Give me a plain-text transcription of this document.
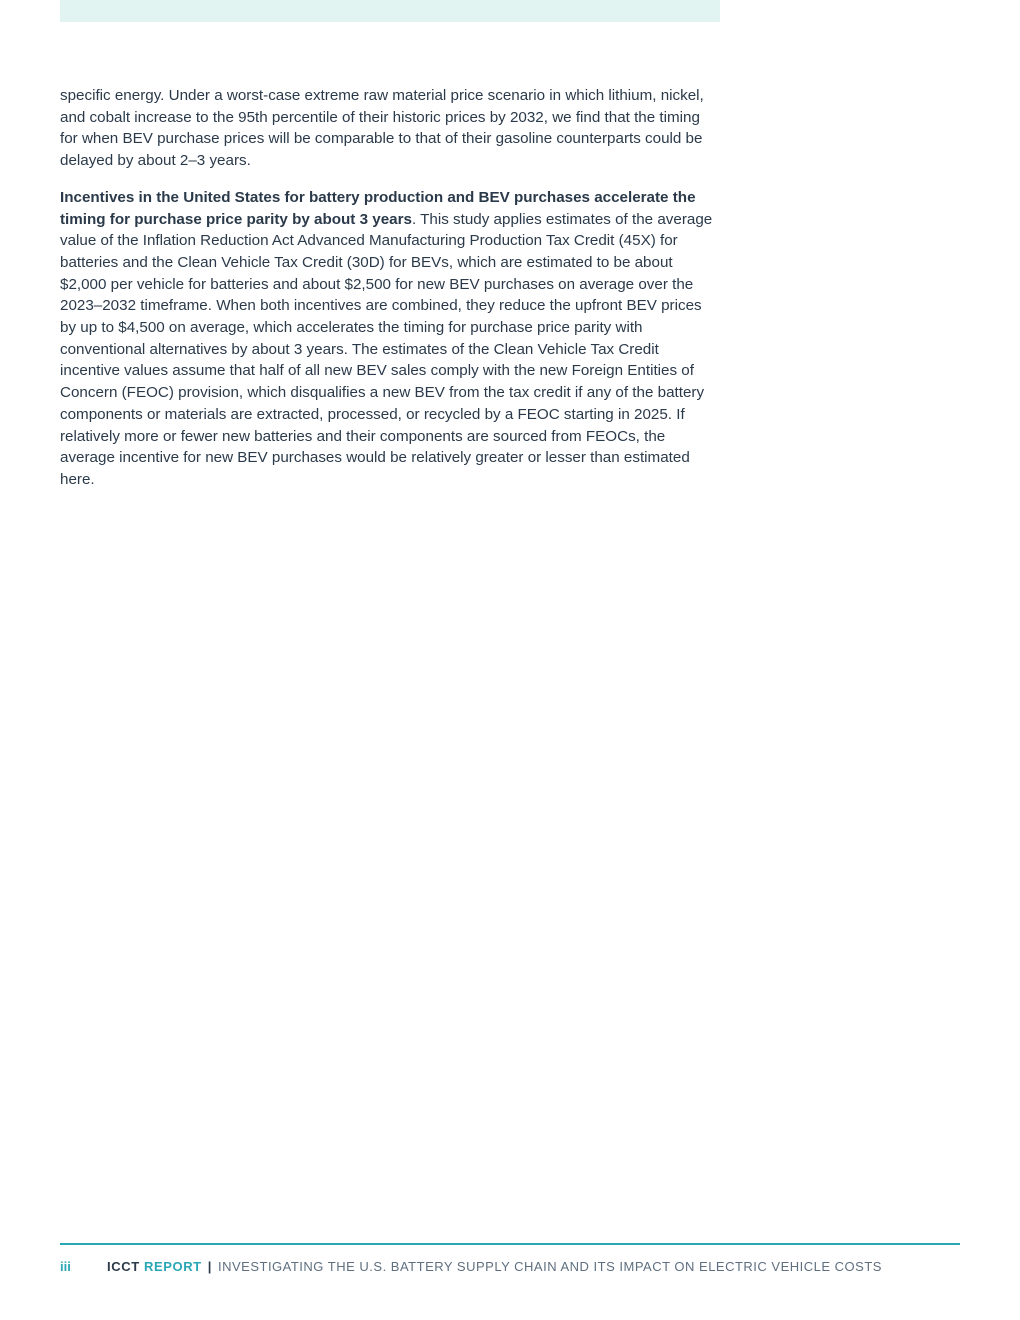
specific energy. Under a worst-case extreme raw material price scenario in which lithium, nickel, and cobalt increase to the 95th percentile of their historic prices by 2032, we find that the timing for when BEV purchase prices will be comparable to that of their gasoline counterparts could be delayed by about 2–3 years.

Incentives in the United States for battery production and BEV purchases accelerate the timing for purchase price parity by about 3 years. This study applies estimates of the average value of the Inflation Reduction Act Advanced Manufacturing Production Tax Credit (45X) for batteries and the Clean Vehicle Tax Credit (30D) for BEVs, which are estimated to be about $2,000 per vehicle for batteries and about $2,500 for new BEV purchases on average over the 2023–2032 timeframe. When both incentives are combined, they reduce the upfront BEV prices by up to $4,500 on average, which accelerates the timing for purchase price parity with conventional alternatives by about 3 years. The estimates of the Clean Vehicle Tax Credit incentive values assume that half of all new BEV sales comply with the new Foreign Entities of Concern (FEOC) provision, which disqualifies a new BEV from the tax credit if any of the battery components or materials are extracted, processed, or recycled by a FEOC starting in 2025. If relatively more or fewer new batteries and their components are sourced from FEOCs, the average incentive for new BEV purchases would be relatively greater or lesser than estimated here.

iii	ICCT REPORT | INVESTIGATING THE U.S. BATTERY SUPPLY CHAIN AND ITS IMPACT ON ELECTRIC VEHICLE COSTS
